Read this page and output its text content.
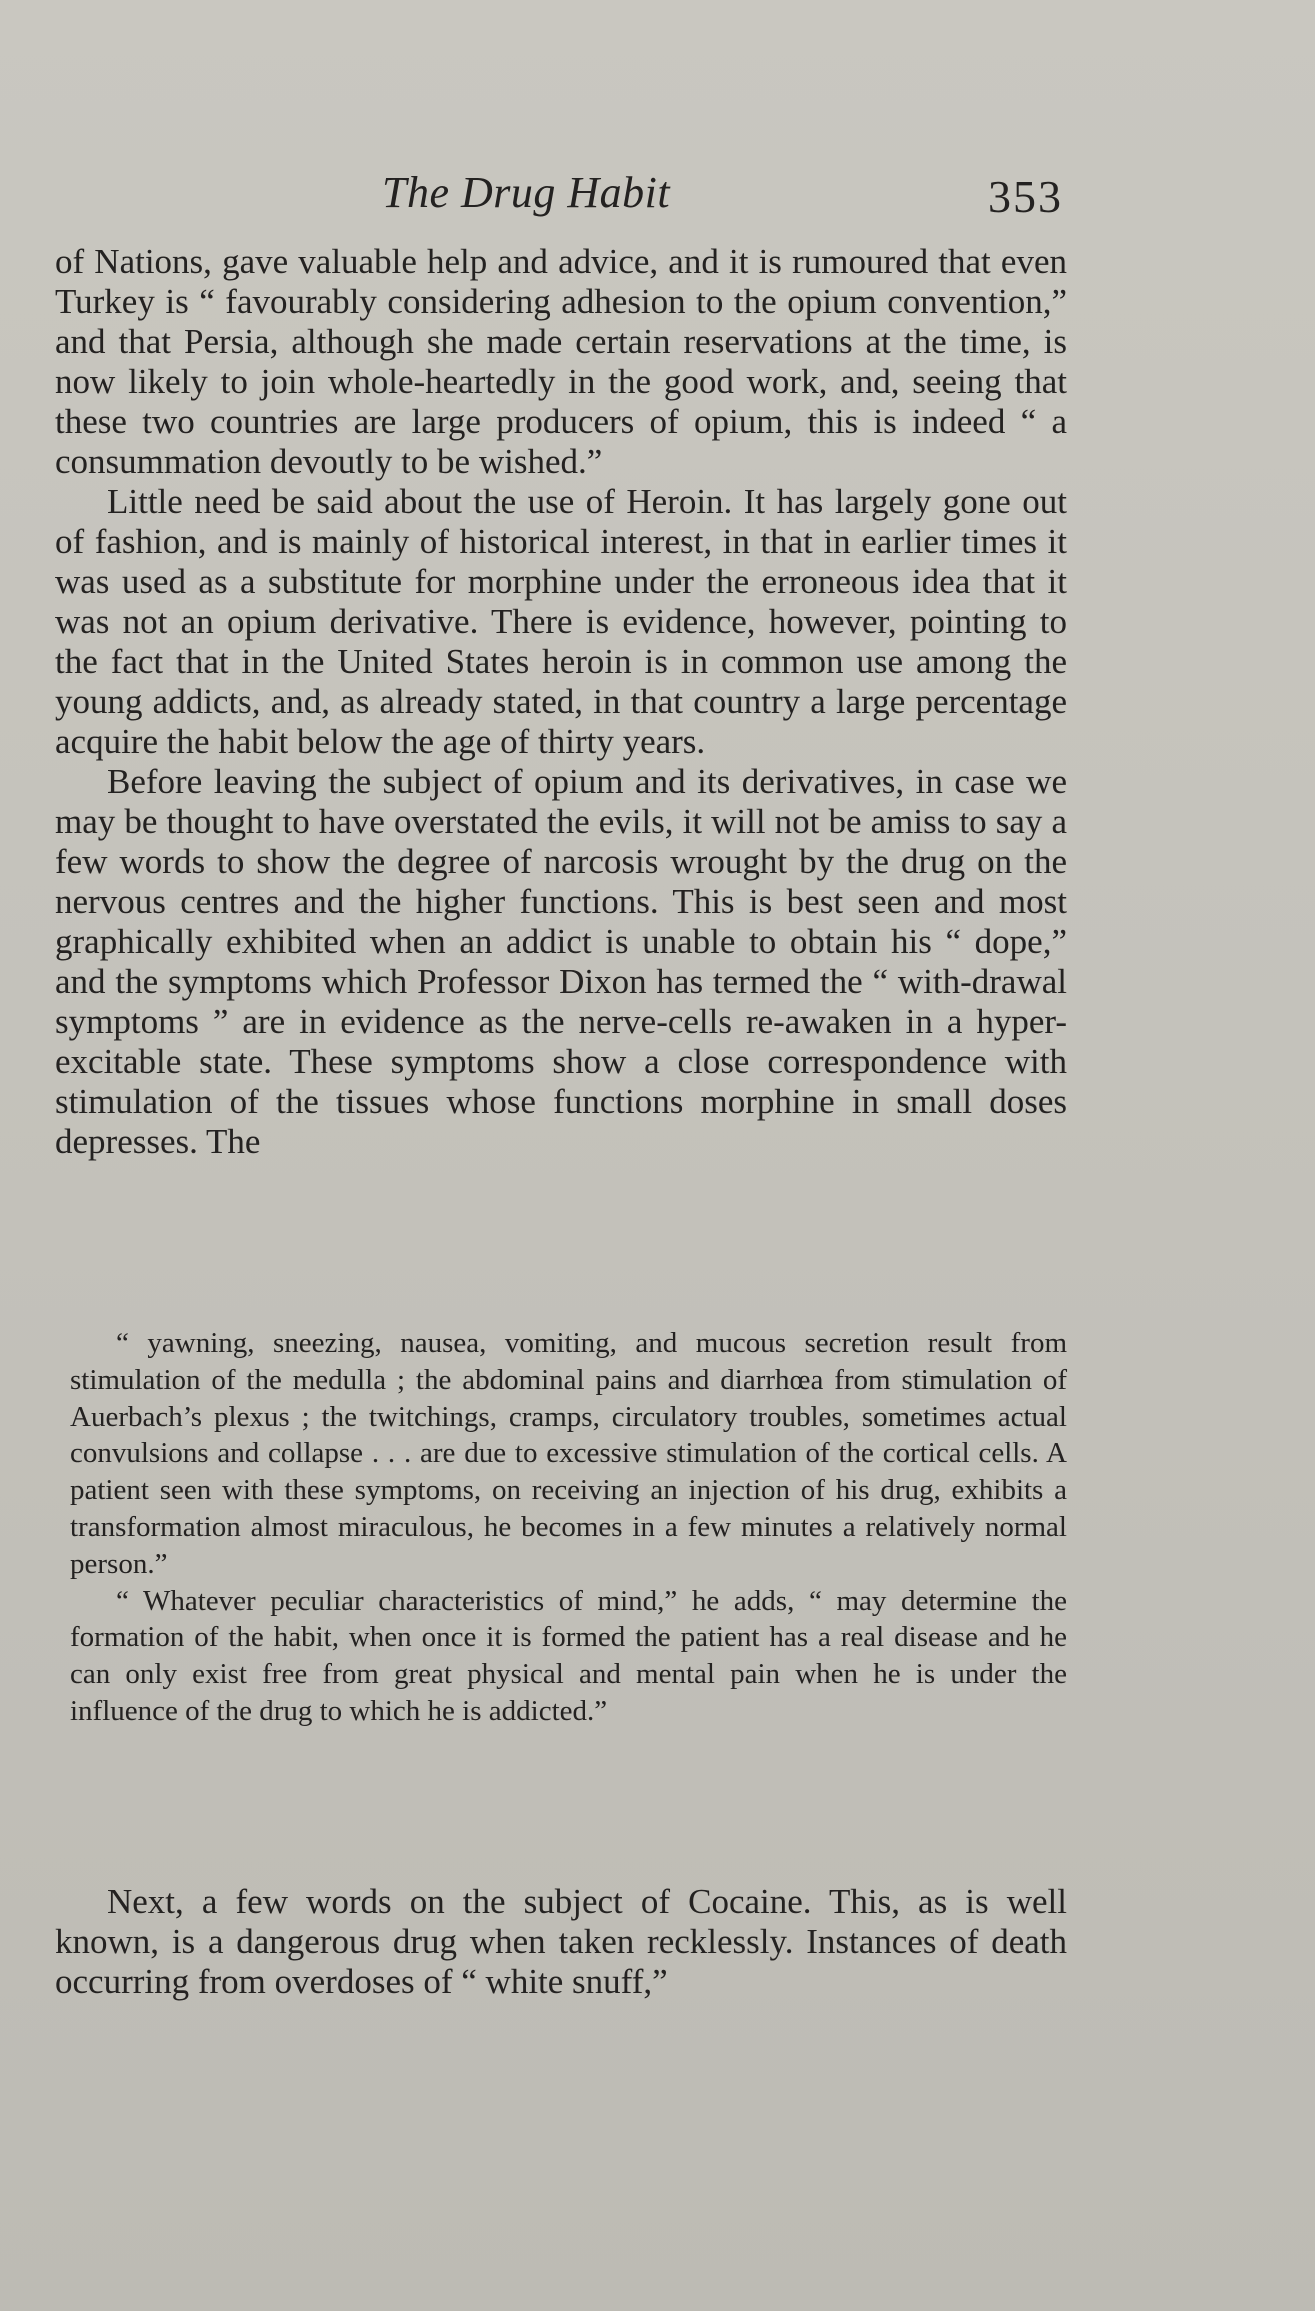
The Drug Habit	353

of Nations, gave valuable help and advice, and it is rumoured that even Turkey is “ favourably considering adhesion to the opium convention,” and that Persia, although she made certain reservations at the time, is now likely to join whole-heartedly in the good work, and, seeing that these two countries are large producers of opium, this is indeed “ a consummation devoutly to be wished.”

Little need be said about the use of Heroin. It has largely gone out of fashion, and is mainly of historical interest, in that in earlier times it was used as a substitute for morphine under the erroneous idea that it was not an opium derivative. There is evidence, however, pointing to the fact that in the United States heroin is in common use among the young addicts, and, as already stated, in that country a large percentage acquire the habit below the age of thirty years.

Before leaving the subject of opium and its derivatives, in case we may be thought to have overstated the evils, it will not be amiss to say a few words to show the degree of narcosis wrought by the drug on the nervous centres and the higher functions. This is best seen and most graphically exhibited when an addict is unable to obtain his “ dope,” and the symptoms which Professor Dixon has termed the “ with-drawal symptoms ” are in evidence as the nerve-cells re-awaken in a hyper-excitable state. These symptoms show a close correspondence with stimulation of the tissues whose functions morphine in small doses depresses. The

“ yawning, sneezing, nausea, vomiting, and mucous secretion result from stimulation of the medulla ; the abdominal pains and diarrhœa from stimulation of Auerbach’s plexus ; the twitchings, cramps, circulatory troubles, sometimes actual convulsions and collapse . . . are due to excessive stimulation of the cortical cells. A patient seen with these symptoms, on receiving an injection of his drug, exhibits a transformation almost miraculous, he becomes in a few minutes a relatively normal person.”

“ Whatever peculiar characteristics of mind,” he adds, “ may determine the formation of the habit, when once it is formed the patient has a real disease and he can only exist free from great physical and mental pain when he is under the influence of the drug to which he is addicted.”

Next, a few words on the subject of Cocaine. This, as is well known, is a dangerous drug when taken recklessly. Instances of death occurring from overdoses of “ white snuff,”
